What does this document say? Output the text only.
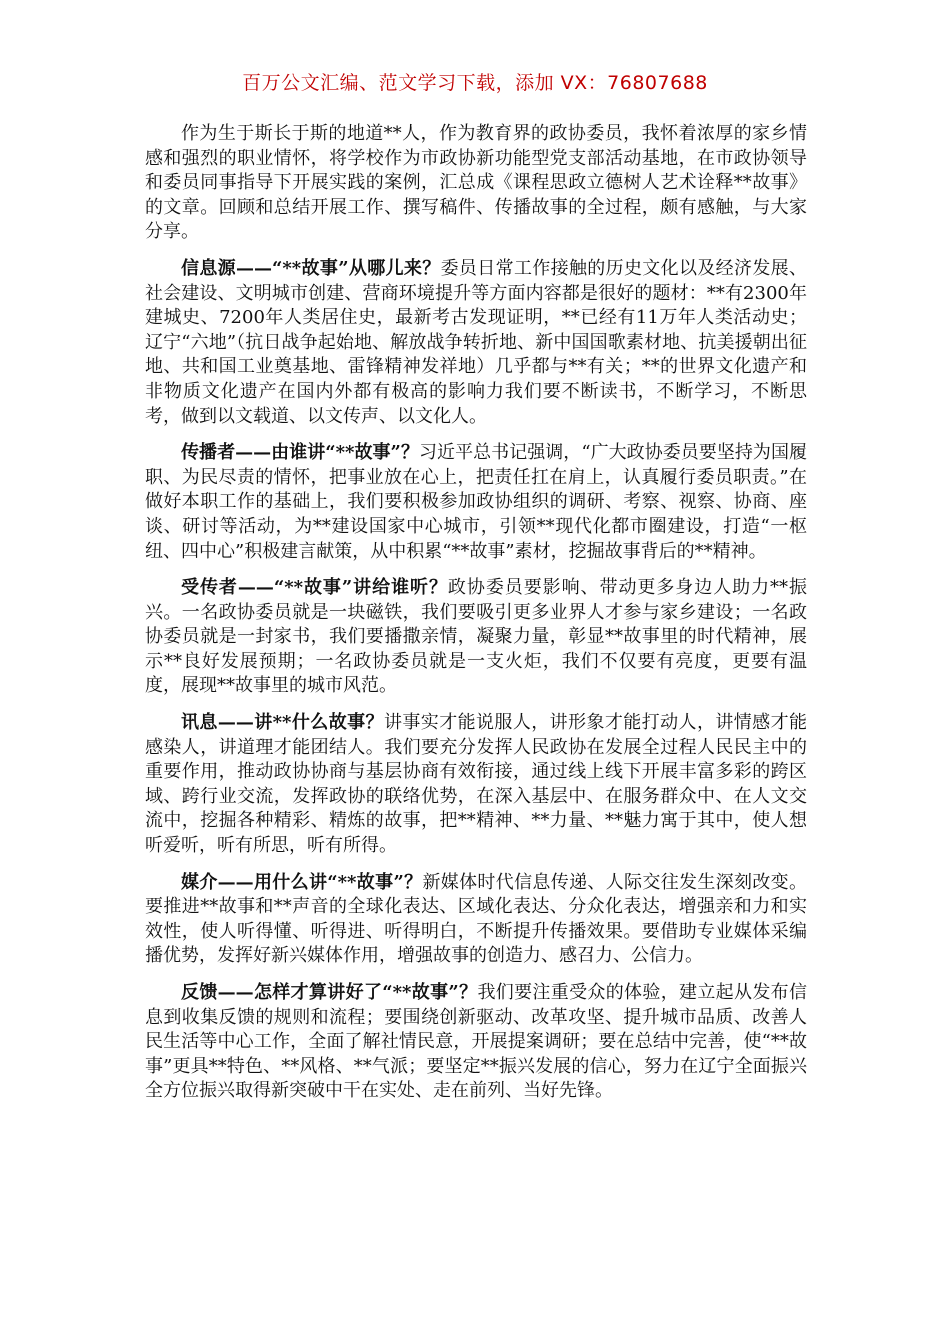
百万公文汇编、范文学习下载，添加 VX：76807688

作为生于斯长于斯的地道**人，作为教育界的政协委员，我怀着浓厚的家乡情感和强烈的职业情怀，将学校作为市政协新功能型党支部活动基地，在市政协领导和委员同事指导下开展实践的案例，汇总成《课程思政立德树人艺术诠释**故事》的文章。回顾和总结开展工作、撰写稿件、传播故事的全过程，颇有感触，与大家分享。

信息源——“**故事”从哪儿来？委员日常工作接触的历史文化以及经济发展、社会建设、文明城市创建、营商环境提升等方面内容都是很好的题材：**有2300年建城史、7200年人类居住史，最新考古发现证明，**已经有11万年人类活动史；辽宁“六地”（抗日战争起始地、解放战争转折地、新中国国歌素材地、抗美援朝出征地、共和国工业奠基地、雷锋精神发祥地）几乎都与**有关；**的世界文化遗产和非物质文化遗产在国内外都有极高的影响力我们要不断读书，不断学习，不断思考，做到以文载道、以文传声、以文化人。

传播者——由谁讲“**故事”？习近平总书记强调，“广大政协委员要坚持为国履职、为民尽责的情怀，把事业放在心上，把责任扛在肩上，认真履行委员职责。”在做好本职工作的基础上，我们要积极参加政协组织的调研、考察、视察、协商、座谈、研讨等活动，为**建设国家中心城市，引领**现代化都市圈建设，打造“一枢纽、四中心”积极建言献策，从中积累“**故事”素材，挖掘故事背后的**精神。

受传者——“**故事”讲给谁听？政协委员要影响、带动更多身边人助力**振兴。一名政协委员就是一块磁铁，我们要吸引更多业界人才参与家乡建设；一名政协委员就是一封家书，我们要播撒亲情，凝聚力量，彰显**故事里的时代精神，展示**良好发展预期；一名政协委员就是一支火炬，我们不仅要有亮度，更要有温度，展现**故事里的城市风范。

讯息——讲**什么故事？讲事实才能说服人，讲形象才能打动人，讲情感才能感染人，讲道理才能团结人。我们要充分发挥人民政协在发展全过程人民民主中的重要作用，推动政协协商与基层协商有效衔接，通过线上线下开展丰富多彩的跨区域、跨行业交流，发挥政协的联络优势，在深入基层中、在服务群众中、在人文交流中，挖掘各种精彩、精炼的故事，把**精神、**力量、**魅力寓于其中，使人想听爱听，听有所思，听有所得。

媒介——用什么讲“**故事”？新媒体时代信息传递、人际交往发生深刻改变。要推进**故事和**声音的全球化表达、区域化表达、分众化表达，增强亲和力和实效性，使人听得懂、听得进、听得明白，不断提升传播效果。要借助专业媒体采编播优势，发挥好新兴媒体作用，增强故事的创造力、感召力、公信力。

反馈——怎样才算讲好了“**故事”？我们要注重受众的体验，建立起从发布信息到收集反馈的规则和流程；要围绕创新驱动、改革攻坚、提升城市品质、改善人民生活等中心工作，全面了解社情民意，开展提案调研；要在总结中完善，使“**故事”更具**特色、**风格、**气派；要坚定**振兴发展的信心，努力在辽宁全面振兴全方位振兴取得新突破中干在实处、走在前列、当好先锋。
